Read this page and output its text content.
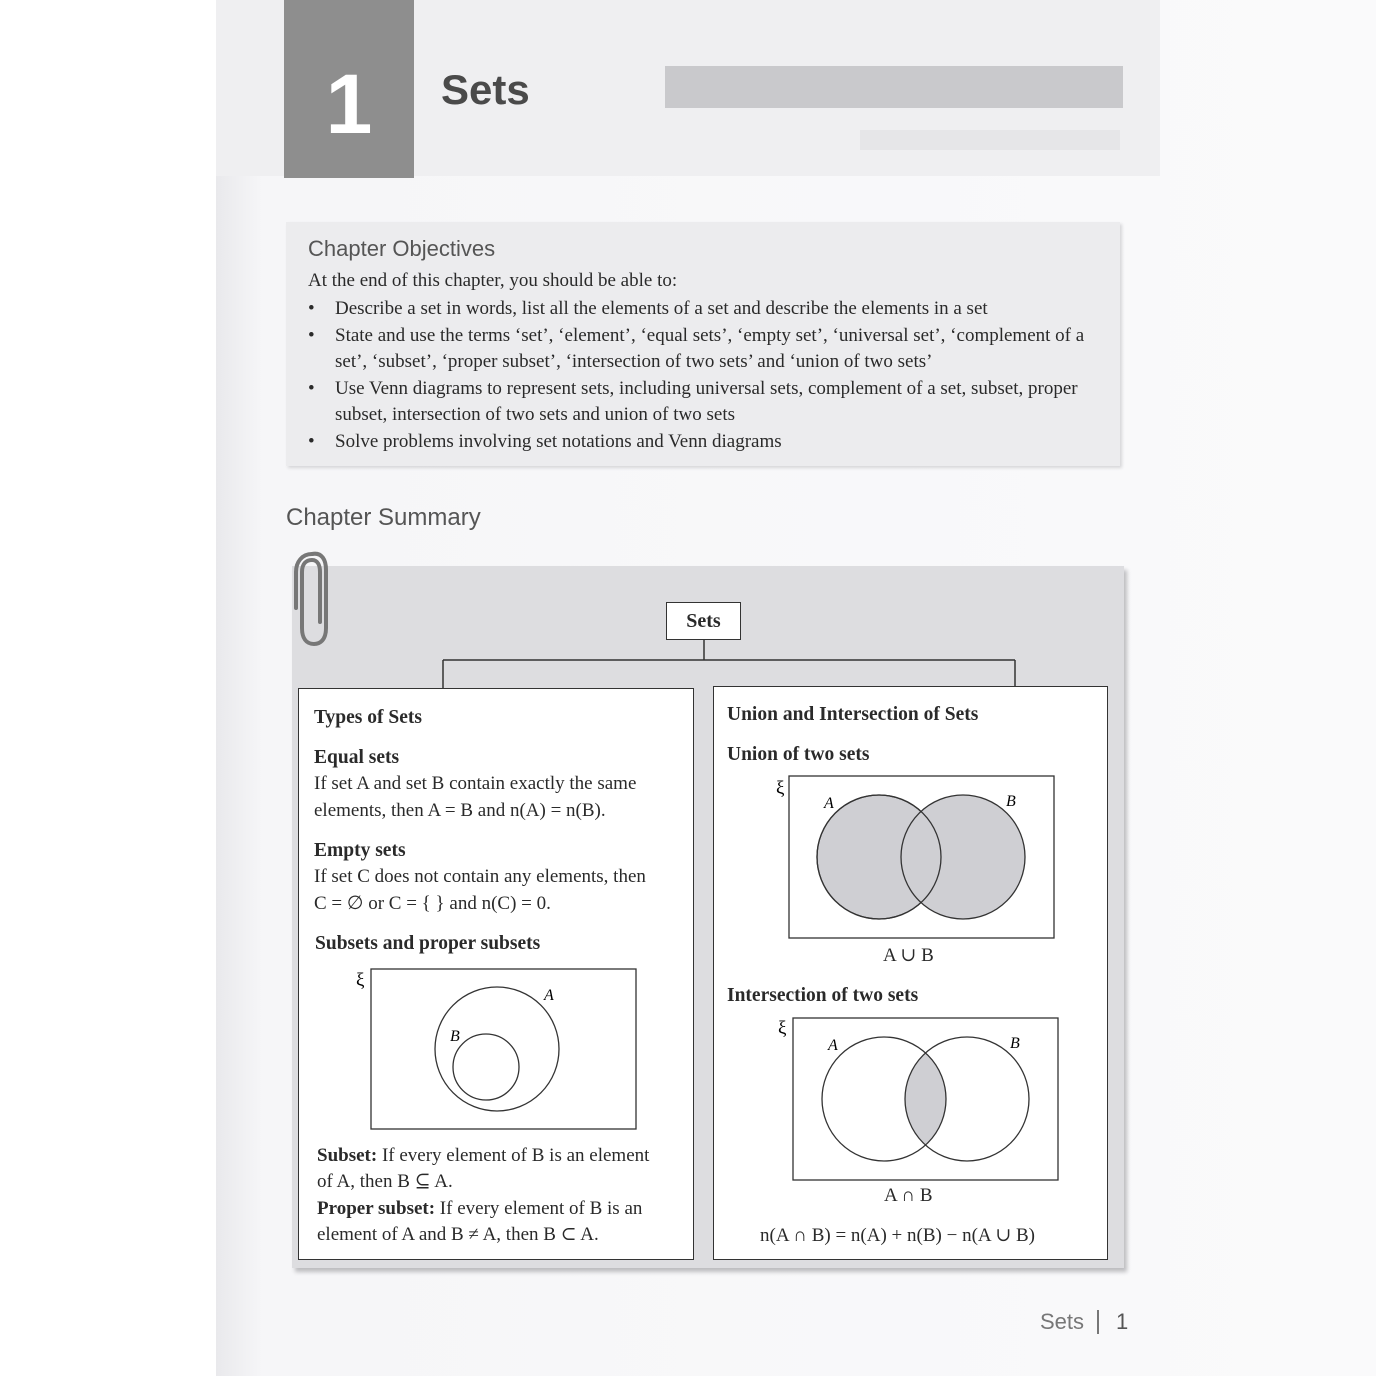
1	Sets
Chapter Objectives
At the end of this chapter, you should be able to:
• Describe a set in words, list all the elements of a set and describe the elements in a set
• State and use the terms ‘set’, ‘element’, ‘equal sets’, ‘empty set’, ‘universal set’, ‘complement of a set’, ‘subset’, ‘proper subset’, ‘intersection of two sets’ and ‘union of two sets’
• Use Venn diagrams to represent sets, including universal sets, complement of a set, subset, proper subset, intersection of two sets and union of two sets
• Solve problems involving set notations and Venn diagrams
Chapter Summary
Sets
Types of Sets
Equal sets
If set A and set B contain exactly the same
elements, then A = B and n(A) = n(B).
Empty sets
If set C does not contain any elements, then
C = ∅ or C = { } and n(C) = 0.
Subsets and proper subsets
ξ
A
B
Subset: If every element of B is an element
of A, then B ⊆ A.
Proper subset: If every element of B is an
element of A and B ≠ A, then B ⊂ A.
Union and Intersection of Sets
Union of two sets
ξ
A	B
A ∪ B
Intersection of two sets
ξ
A	B
A ∩ B
n(A ∩ B) = n(A) + n(B) − n(A ∪ B)
Sets 1
